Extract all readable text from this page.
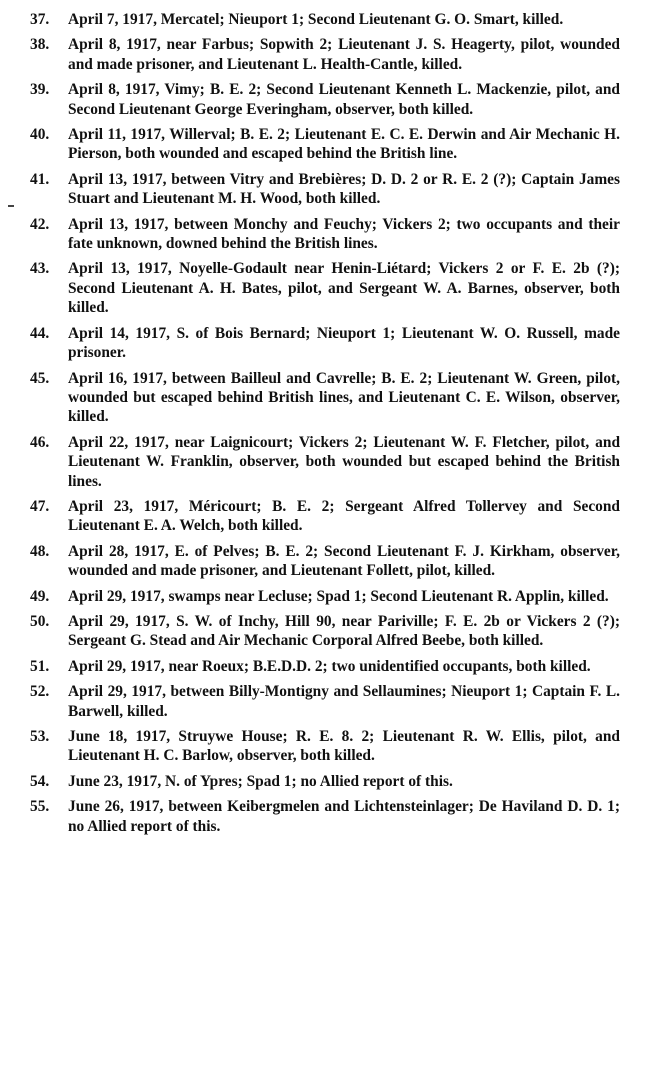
37.	April 7, 1917, Mercatel; Nieuport 1; Second Lieutenant G. O. Smart, killed.
38.	April 8, 1917, near Farbus; Sopwith 2; Lieutenant J. S. Heagerty, pilot, wounded and made prisoner, and Lieutenant L. Health-Cantle, killed.
39.	April 8, 1917, Vimy; B. E. 2; Second Lieutenant Kenneth L. Mackenzie, pilot, and Second Lieutenant George Everingham, observer, both killed.
40.	April 11, 1917, Willerval; B. E. 2; Lieutenant E. C. E. Derwin and Air Mechanic H. Pierson, both wounded and escaped behind the British line.
41.	April 13, 1917, between Vitry and Brebières; D. D. 2 or R. E. 2 (?); Captain James Stuart and Lieutenant M. H. Wood, both killed.
42.	April 13, 1917, between Monchy and Feuchy; Vickers 2; two occupants and their fate unknown, downed behind the British lines.
43.	April 13, 1917, Noyelle-Godault near Henin-Liétard; Vickers 2 or F. E. 2b (?); Second Lieutenant A. H. Bates, pilot, and Sergeant W. A. Barnes, observer, both killed.
44.	April 14, 1917, S. of Bois Bernard; Nieuport 1; Lieutenant W. O. Russell, made prisoner.
45.	April 16, 1917, between Bailleul and Cavrelle; B. E. 2; Lieutenant W. Green, pilot, wounded but escaped behind British lines, and Lieutenant C. E. Wilson, observer, killed.
46.	April 22, 1917, near Laignicourt; Vickers 2; Lieutenant W. F. Fletcher, pilot, and Lieutenant W. Franklin, observer, both wounded but escaped behind the British lines.
47.	April 23, 1917, Méricourt; B. E. 2; Sergeant Alfred Tollervey and Second Lieutenant E. A. Welch, both killed.
48.	April 28, 1917, E. of Pelves; B. E. 2; Second Lieutenant F. J. Kirkham, observer, wounded and made prisoner, and Lieutenant Follett, pilot, killed.
49.	April 29, 1917, swamps near Lecluse; Spad 1; Second Lieutenant R. Applin, killed.
50.	April 29, 1917, S. W. of Inchy, Hill 90, near Pariville; F. E. 2b or Vickers 2 (?); Sergeant G. Stead and Air Mechanic Corporal Alfred Beebe, both killed.
51.	April 29, 1917, near Roeux; B.E.D.D. 2; two unidentified occupants, both killed.
52.	April 29, 1917, between Billy-Montigny and Sellaumines; Nieuport 1; Captain F. L. Barwell, killed.
53.	June 18, 1917, Struywe House; R. E. 8. 2; Lieutenant R. W. Ellis, pilot, and Lieutenant H. C. Barlow, observer, both killed.
54.	June 23, 1917, N. of Ypres; Spad 1; no Allied report of this.
55.	June 26, 1917, between Keibergmelen and Lichtensteinlager; De Haviland D. D. 1; no Allied report of this.
